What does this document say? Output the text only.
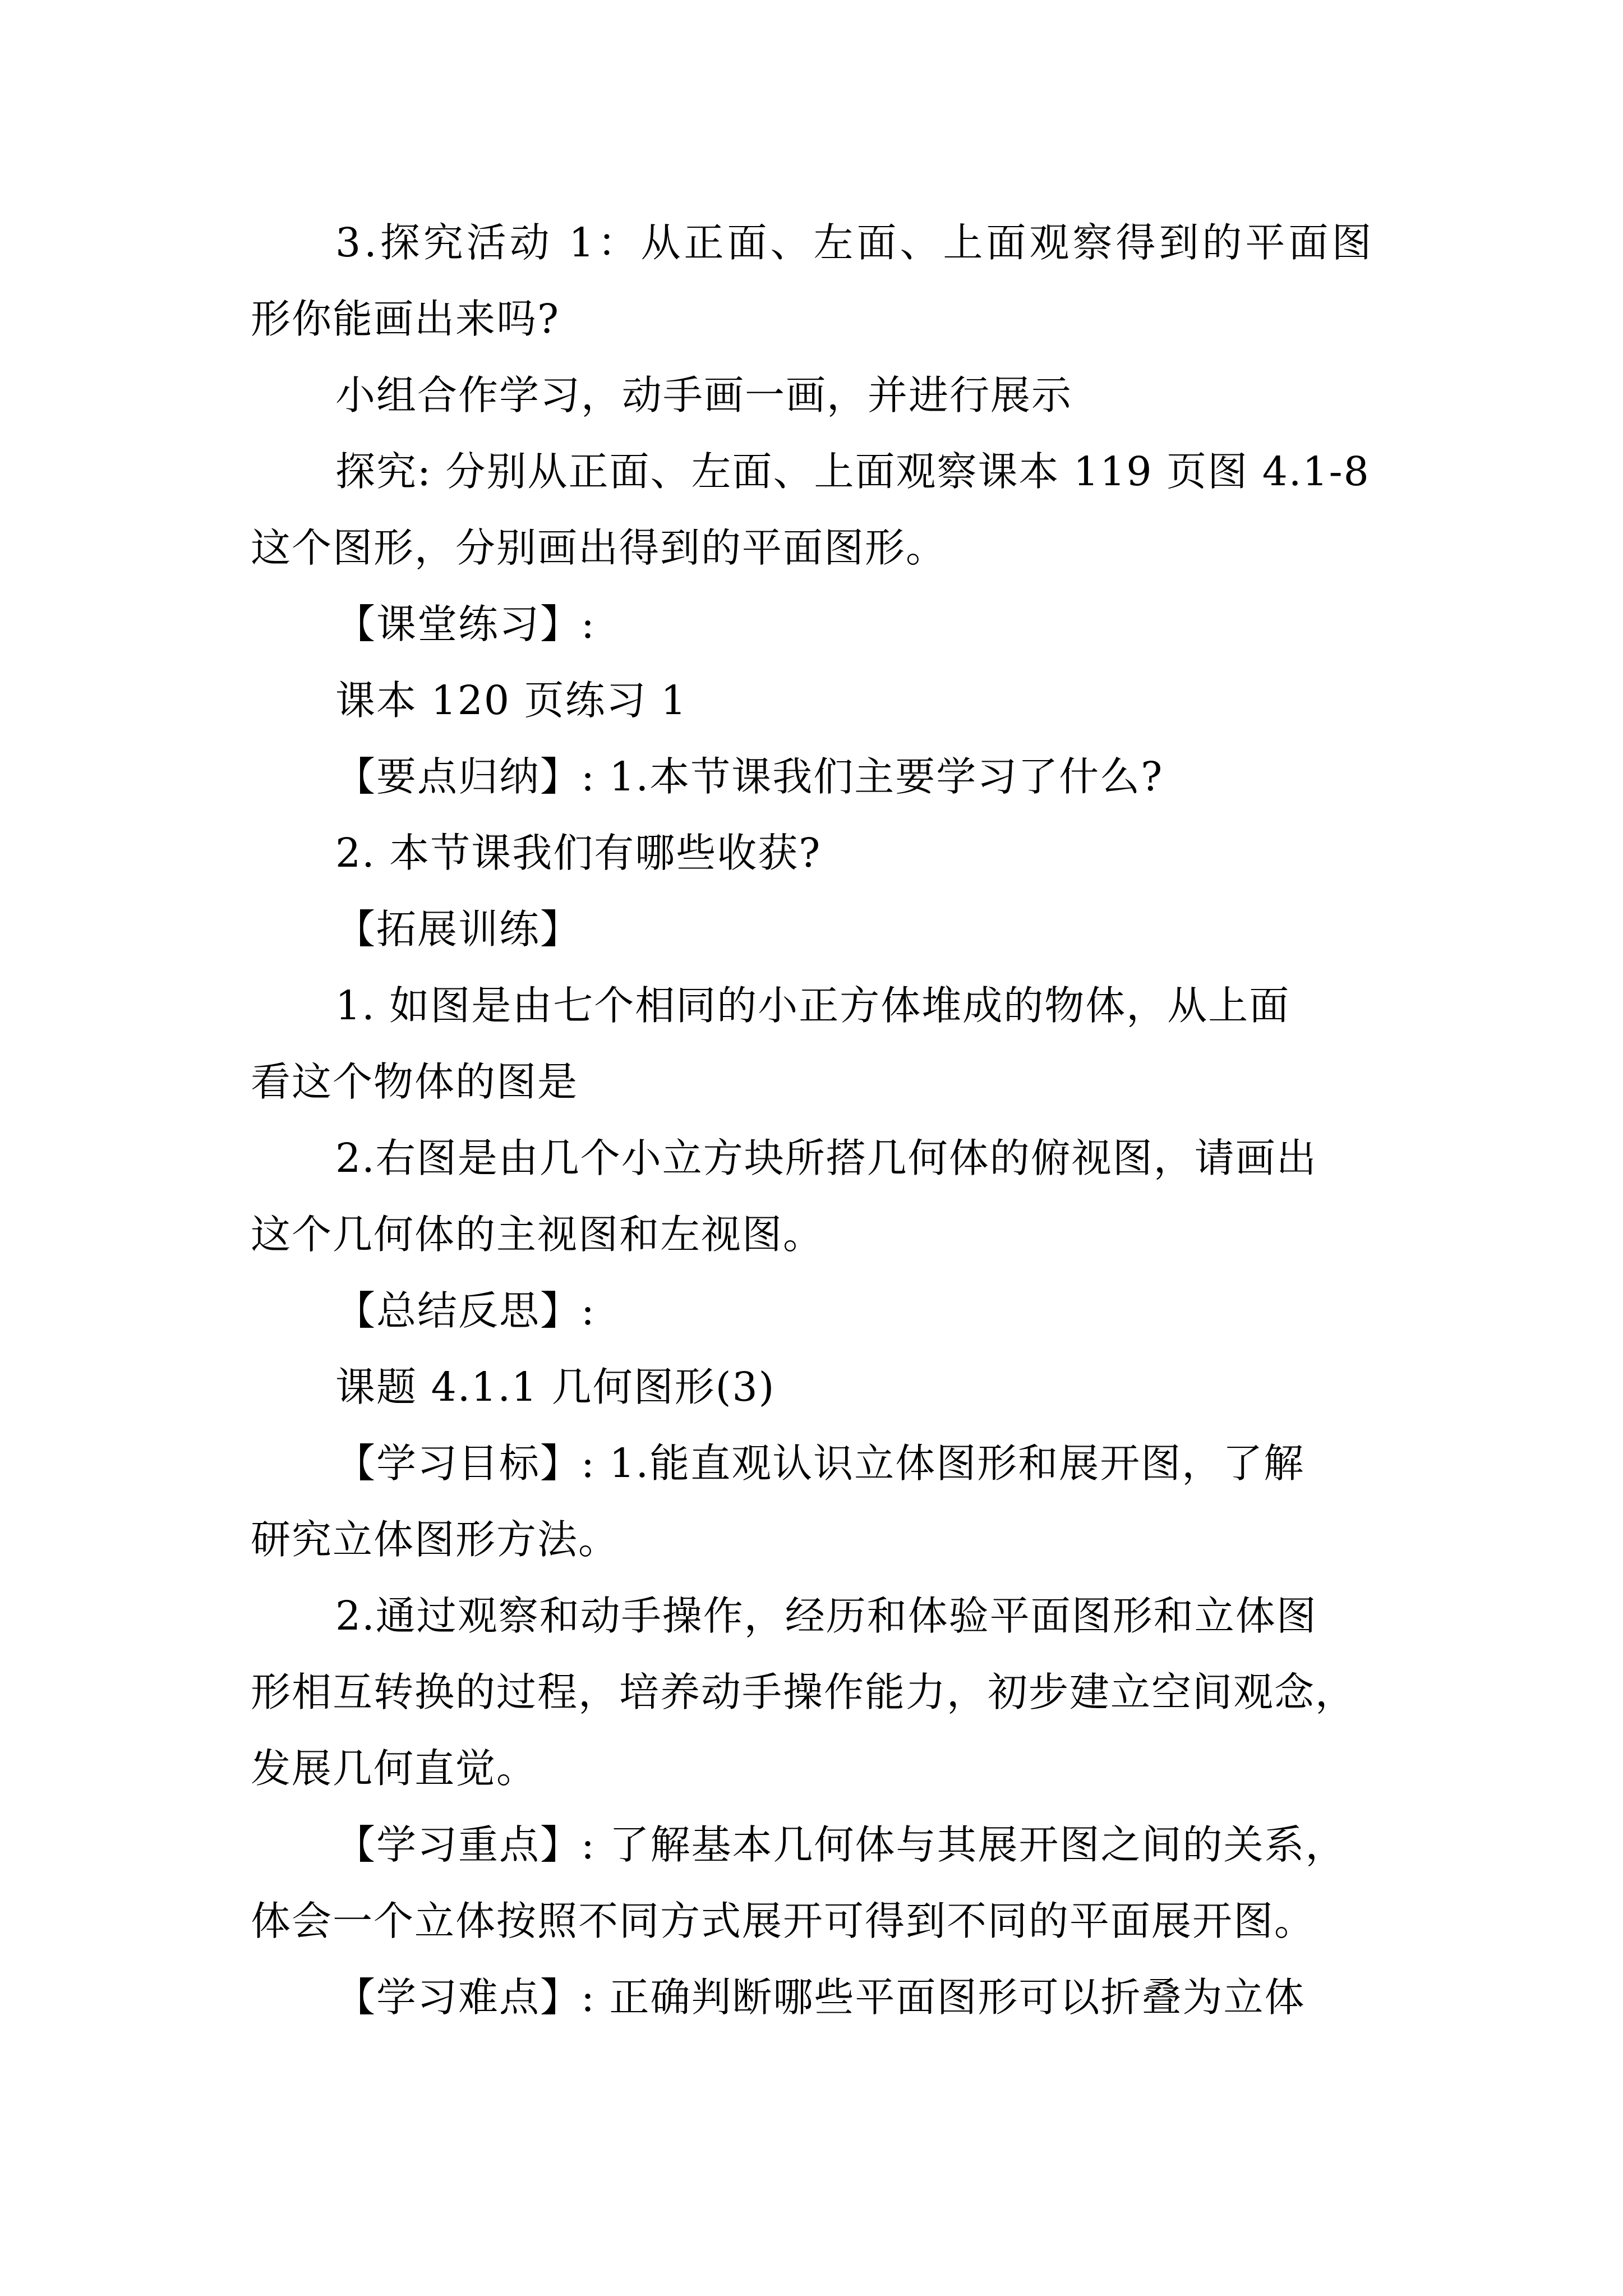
3.探究活动 1：从正面、左面、上面观察得到的平面图
形你能画出来吗?
小组合作学习，动手画一画，并进行展示
探究: 分别从正面、左面、上面观察课本 119 页图 4.1-8
这个图形，分别画出得到的平面图形。
【课堂练习】:
课本 120 页练习 1
【要点归纳】: 1.本节课我们主要学习了什么?
2. 本节课我们有哪些收获?
【拓展训练】
1. 如图是由七个相同的小正方体堆成的物体，从上面
看这个物体的图是
2.右图是由几个小立方块所搭几何体的俯视图，请画出
这个几何体的主视图和左视图。
【总结反思】:
课题 4.1.1 几何图形(3)
【学习目标】: 1.能直观认识立体图形和展开图，了解
研究立体图形方法。
2.通过观察和动手操作，经历和体验平面图形和立体图
形相互转换的过程，培养动手操作能力，初步建立空间观念，
发展几何直觉。
【学习重点】: 了解基本几何体与其展开图之间的关系，
体会一个立体按照不同方式展开可得到不同的平面展开图。
【学习难点】: 正确判断哪些平面图形可以折叠为立体
